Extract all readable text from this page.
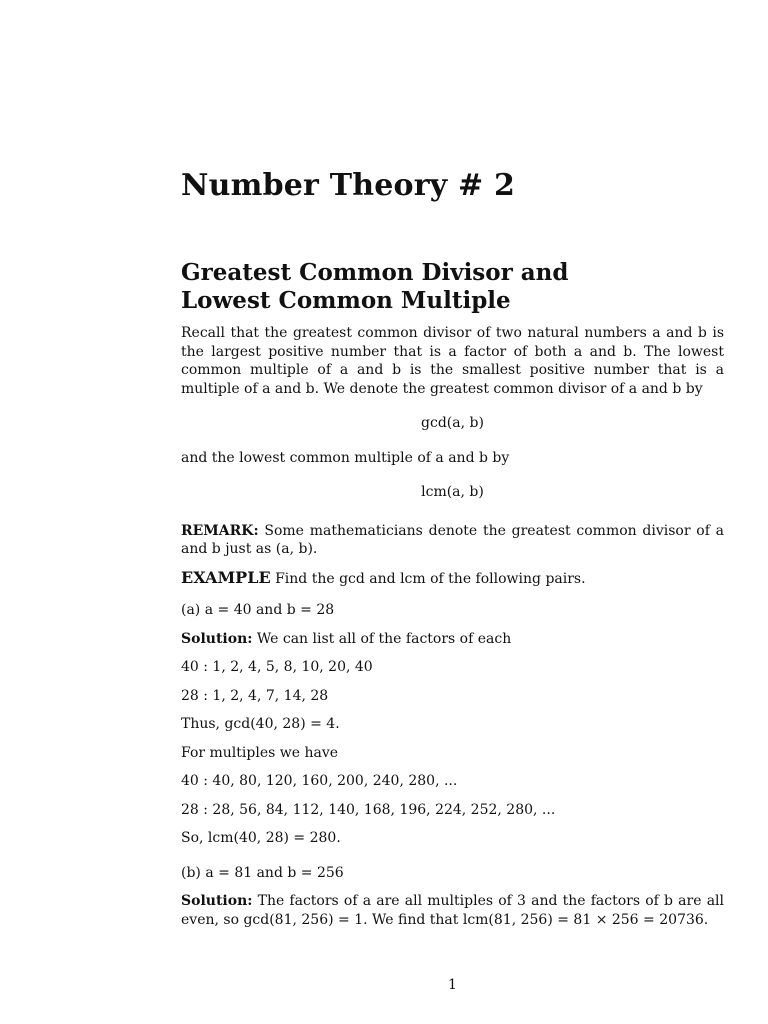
Number Theory # 2
Greatest Common Divisor and
Lowest Common Multiple

Recall that the greatest common divisor of two natural numbers a and b is the largest positive number that is a factor of both a and b. The lowest common multiple of a and b is the smallest positive number that is a multiple of a and b. We denote the greatest common divisor of a and b by

gcd(a, b)

and the lowest common multiple of a and b by

lcm(a, b)

REMARK: Some mathematicians denote the greatest common divisor of a and b just as (a, b).

EXAMPLE Find the gcd and lcm of the following pairs.

(a) a = 40 and b = 28

Solution: We can list all of the factors of each

40 : 1, 2, 4, 5, 8, 10, 20, 40

28 : 1, 2, 4, 7, 14, 28

Thus, gcd(40, 28) = 4.

For multiples we have

40 : 40, 80, 120, 160, 200, 240, 280, ...

28 : 28, 56, 84, 112, 140, 168, 196, 224, 252, 280, ...

So, lcm(40, 28) = 280.

(b) a = 81 and b = 256

Solution: The factors of a are all multiples of 3 and the factors of b are all even, so gcd(81, 256) = 1. We find that lcm(81, 256) = 81 × 256 = 20736.

1
